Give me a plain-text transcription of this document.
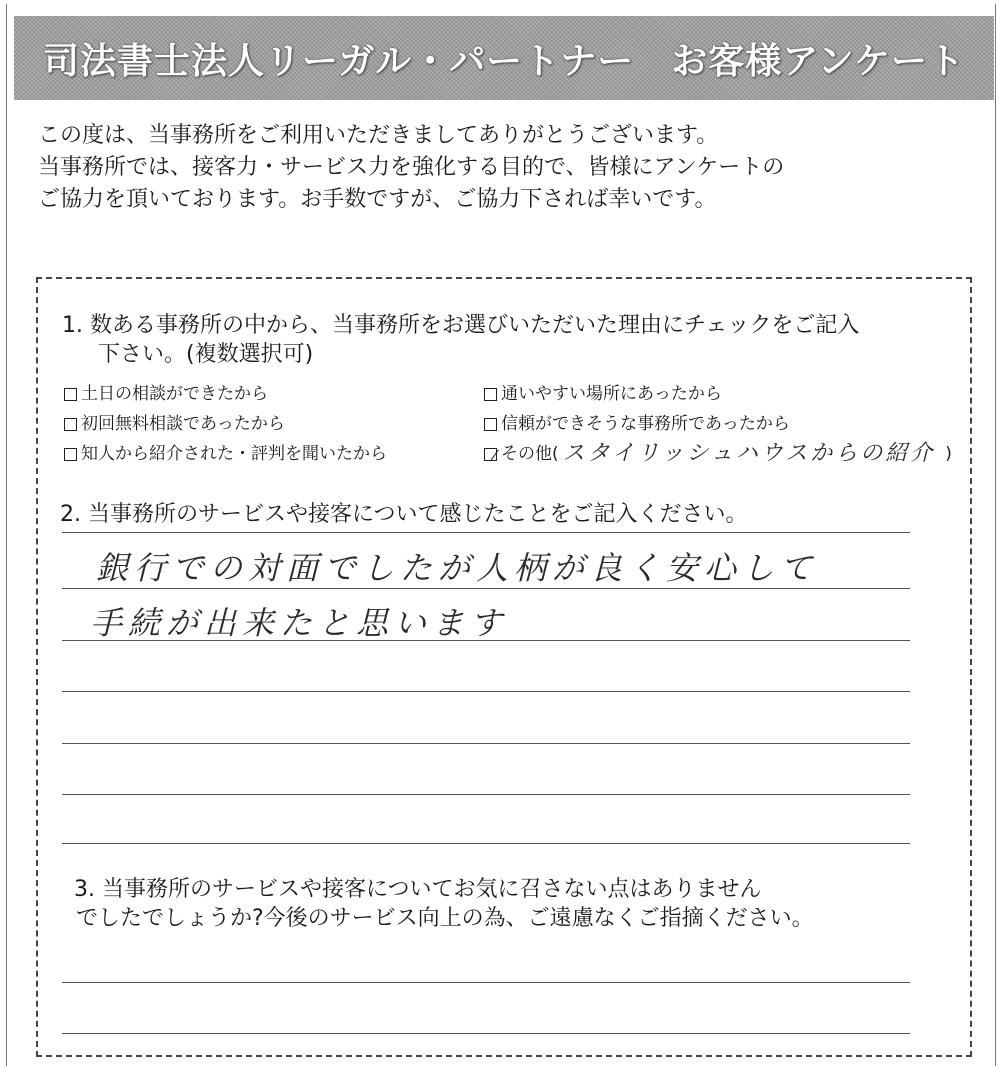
司法書士法人リーガル・パートナー　お客様アンケート
この度は、当事務所をご利用いただきましてありがとうございます。
当事務所では、接客力・サービス力を強化する目的で、皆様にアンケートの
ご協力を頂いております。お手数ですが、ご協力下されば幸いです。
1. 数ある事務所の中から、当事務所をお選びいただいた理由にチェックをご記入
下さい。(複数選択可)
土日の相談ができたから
初回無料相談であったから
知人から紹介された・評判を聞いたから
通いやすい場所にあったから
信頼ができそうな事務所であったから
その他( スタイリッシュハウスからの紹介 )
2. 当事務所のサービスや接客について感じたことをご記入ください。
銀行での対面でしたが人柄が良く安心して
手続が出来たと思います
3. 当事務所のサービスや接客についてお気に召さない点はありません
でしたでしょうか?今後のサービス向上の為、ご遠慮なくご指摘ください。
